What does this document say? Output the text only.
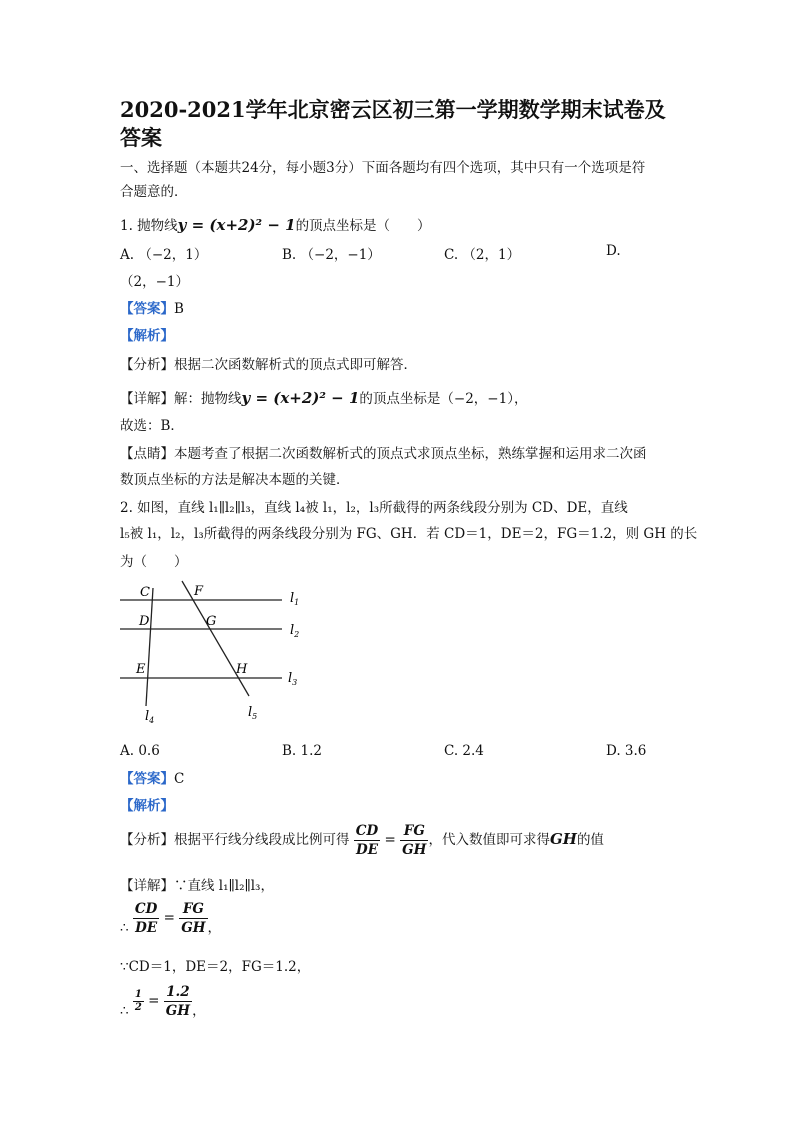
2020-2021学年北京密云区初三第一学期数学期末试卷及答案
一、选择题（本题共24分，每小题3分）下面各题均有四个选项，其中只有一个选项是符
合题意的．
1. 抛物线y = (x+2)² − 1的顶点坐标是（　　）
A. （−2，1）	B. （−2，−1）	C. （2，1）	D.
（2，−1）
【答案】B
【解析】
【分析】根据二次函数解析式的顶点式即可解答．
【详解】解：抛物线y = (x+2)² − 1的顶点坐标是（−2，−1），
故选：B．
【点睛】本题考查了根据二次函数解析式的顶点式求顶点坐标，熟练掌握和运用求二次函
数顶点坐标的方法是解决本题的关键．
2. 如图，直线 l₁∥l₂∥l₃，直线 l₄被 l₁，l₂，l₃所截得的两条线段分别为 CD、DE，直线
l₅被 l₁，l₂，l₃所截得的两条线段分别为 FG、GH．若 CD＝1，DE＝2，FG＝1.2，则 GH 的长
为（　　）
C	F
D	G
E	H
$l_1$
$l_2$
$l_3$
$l_4$
$l_5$
A. 0.6	B. 1.2	C. 2.4	D. 3.6
【答案】C
【解析】
【分析】根据平行线分线段成比例可得 $\frac{CD}{DE} = \frac{FG}{GH}$ ，代入数值即可求得GH的值
【详解】∵直线 l₁∥l₂∥l₃，
∴ $\frac{CD}{DE} = \frac{FG}{GH}$ ，
∵CD＝1，DE＝2，FG＝1.2，
∴ $\frac{1}{2} = \frac{1.2}{GH}$ ，
